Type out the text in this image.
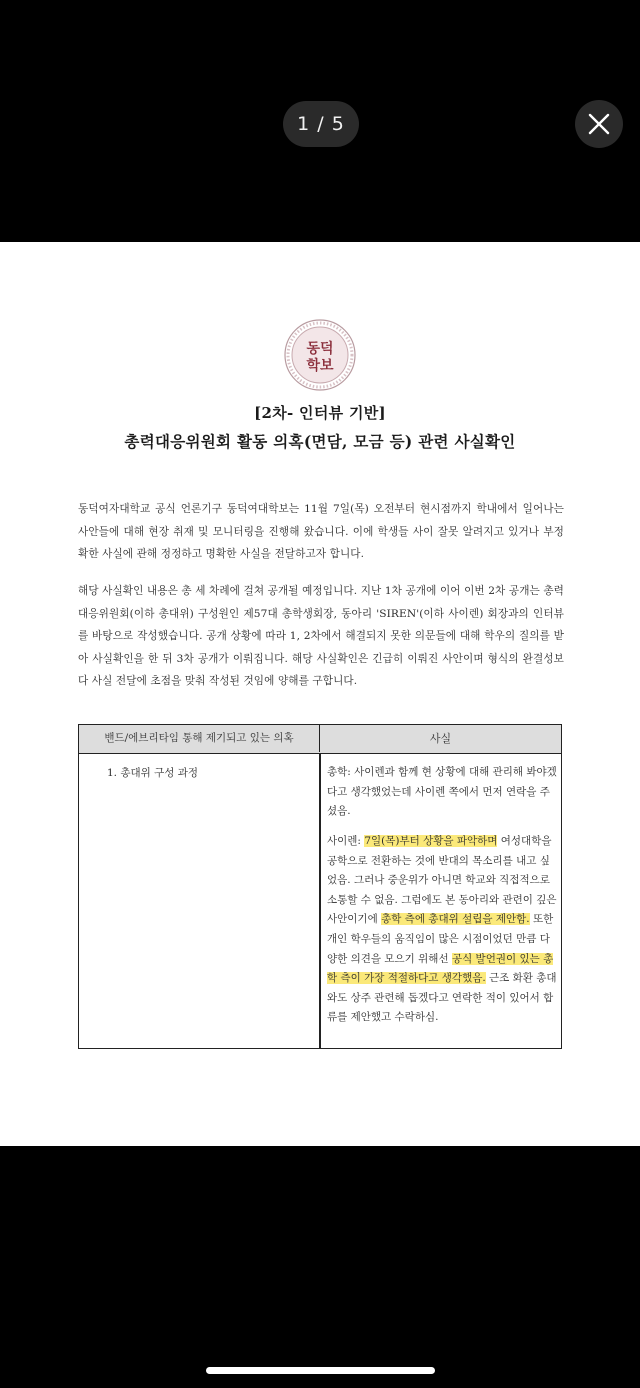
1 / 5
동덕
학보
[2차- 인터뷰 기반]
총력대응위원회 활동 의혹(면담, 모금 등) 관련 사실확인
동덕여자대학교 공식 언론기구 동덕여대학보는 11월 7일(목) 오전부터 현시점까지 학내에서 일어나는 사안들에 대해 현장 취재 및 모니터링을 진행해 왔습니다. 이에 학생들 사이 잘못 알려지고 있거나 부정확한 사실에 관해 정정하고 명확한 사실을 전달하고자 합니다.
해당 사실확인 내용은 총 세 차례에 걸쳐 공개될 예정입니다. 지난 1차 공개에 이어 이번 2차 공개는 총력대응위원회(이하 총대위) 구성원인 제57대 총학생회장, 동아리 'SIREN'(이하 사이렌) 회장과의 인터뷰를 바탕으로 작성했습니다. 공개 상황에 따라 1, 2차에서 해결되지 못한 의문들에 대해 학우의 질의를 받아 사실확인을 한 뒤 3차 공개가 이뤄집니다. 해당 사실확인은 긴급히 이뤄진 사안이며 형식의 완결성보다 사실 전달에 초점을 맞춰 작성된 것임에 양해를 구합니다.
밴드/에브리타임 통해 제기되고 있는 의혹	사실
1. 총대위 구성 과정	총학: 사이렌과 함께 현 상황에 대해 관리해 봐야겠다고 생각했었는데 사이렌 쪽에서 먼저 연락을 주셨음.
사이렌: 7일(목)부터 상황을 파악하며 여성대학을 공학으로 전환하는 것에 반대의 목소리를 내고 싶었음. 그러나 중운위가 아니면 학교와 직접적으로 소통할 수 없음. 그럼에도 본 동아리와 관련이 깊은 사안이기에 총학 측에 총대위 설립을 제안함. 또한 개인 학우들의 움직임이 많은 시점이었던 만큼 다양한 의견을 모으기 위해선 공식 발언권이 있는 총학 측이 가장 적절하다고 생각했음. 근조 화환 총대와도 상주 관련해 돕겠다고 연락한 적이 있어서 합류를 제안했고 수락하심.
